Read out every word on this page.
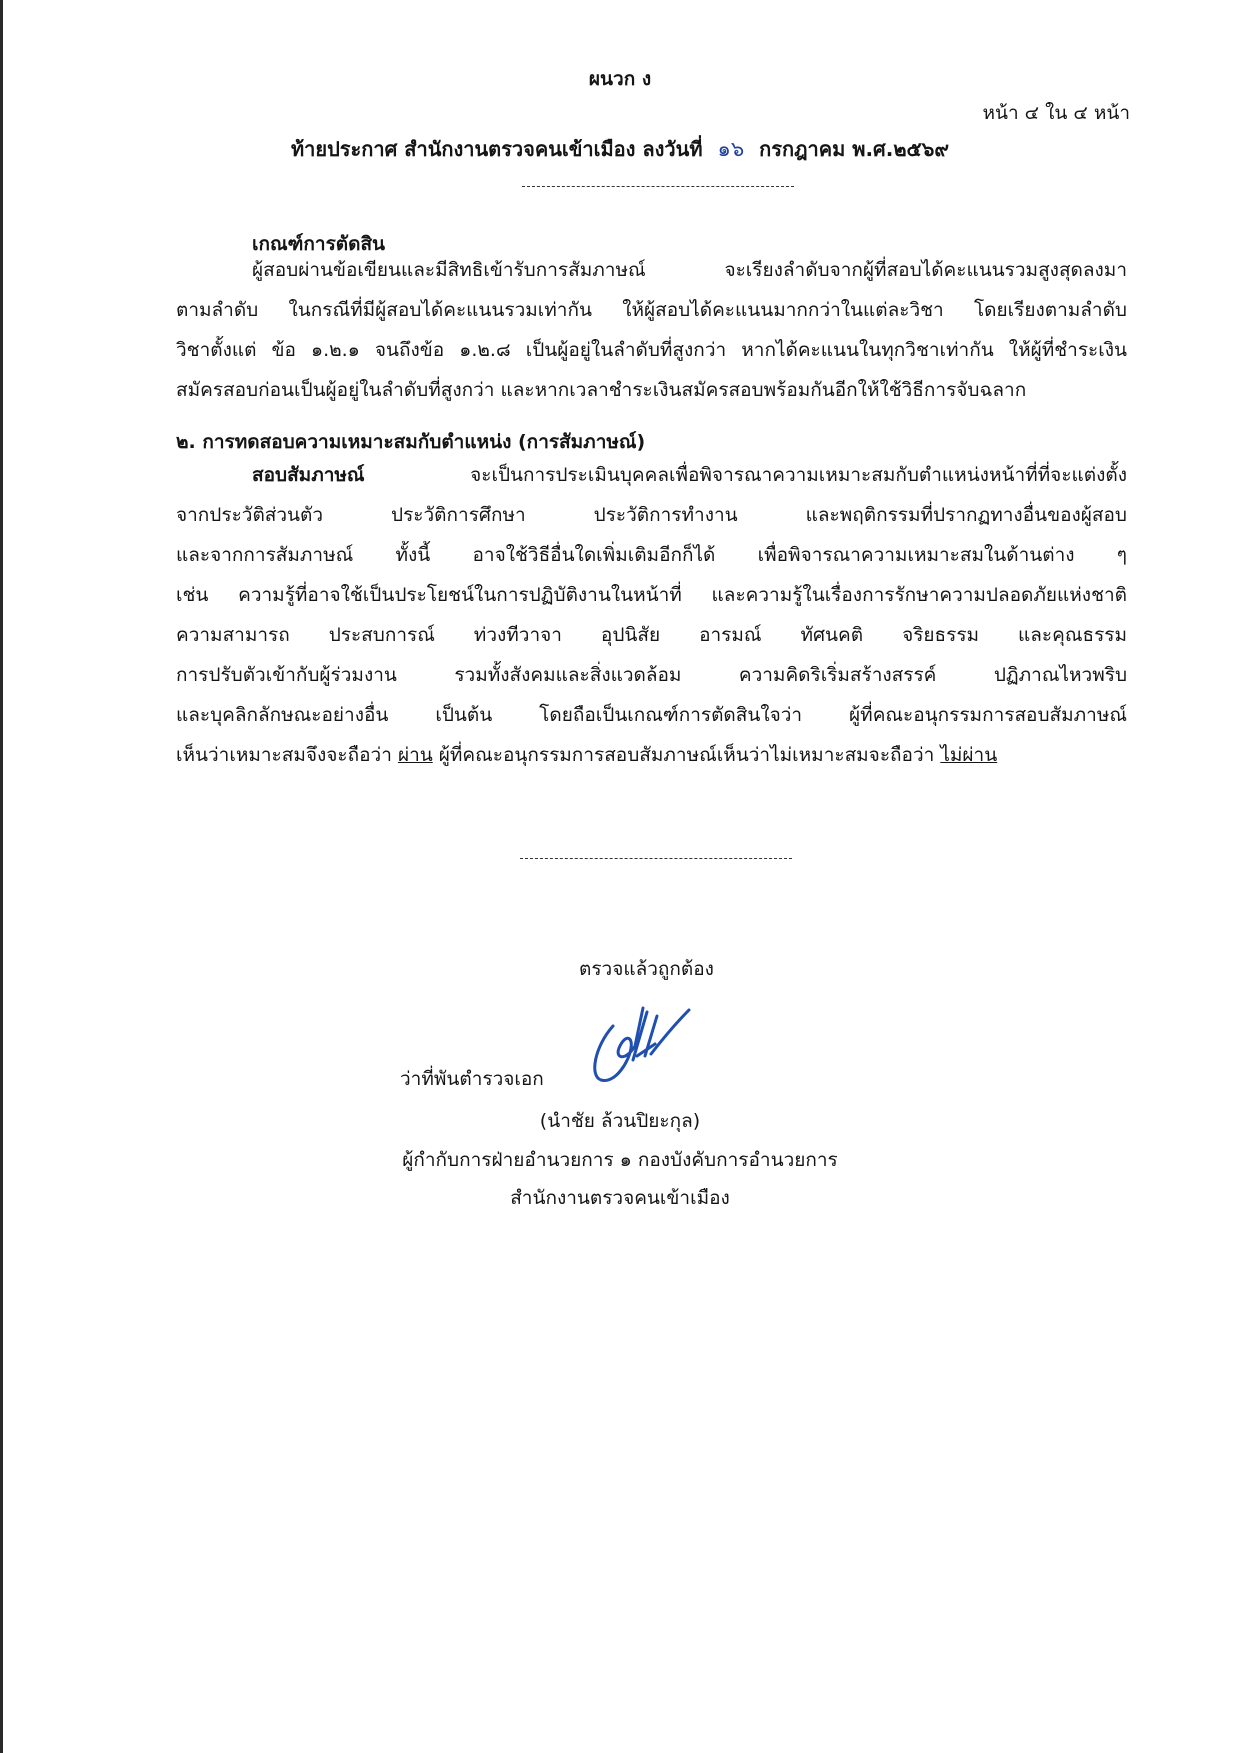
ผนวก ง
หน้า ๔ ใน ๔ หน้า
ท้ายประกาศ สำนักงานตรวจคนเข้าเมือง ลงวันที่ ๑๖ กรกฎาคม พ.ศ.๒๕๖๙
เกณฑ์การตัดสิน
ผู้สอบผ่านข้อเขียนและมีสิทธิเข้ารับการสัมภาษณ์ จะเรียงลำดับจากผู้ที่สอบได้คะแนนรวมสูงสุดลงมา
ตามลำดับ ในกรณีที่มีผู้สอบได้คะแนนรวมเท่ากัน ให้ผู้สอบได้คะแนนมากกว่าในแต่ละวิชา โดยเรียงตามลำดับ
วิชาตั้งแต่ ข้อ ๑.๒.๑ จนถึงข้อ ๑.๒.๘ เป็นผู้อยู่ในลำดับที่สูงกว่า หากได้คะแนนในทุกวิชาเท่ากัน ให้ผู้ที่ชำระเงิน
สมัครสอบก่อนเป็นผู้อยู่ในลำดับที่สูงกว่า และหากเวลาชำระเงินสมัครสอบพร้อมกันอีกให้ใช้วิธีการจับฉลาก
๒. การทดสอบความเหมาะสมกับตำแหน่ง (การสัมภาษณ์)
สอบสัมภาษณ์ จะเป็นการประเมินบุคคลเพื่อพิจารณาความเหมาะสมกับตำแหน่งหน้าที่ที่จะแต่งตั้ง
จากประวัติส่วนตัว ประวัติการศึกษา ประวัติการทำงาน และพฤติกรรมที่ปรากฏทางอื่นของผู้สอบ
และจากการสัมภาษณ์ ทั้งนี้ อาจใช้วิธีอื่นใดเพิ่มเติมอีกก็ได้ เพื่อพิจารณาความเหมาะสมในด้านต่าง ๆ
เช่น ความรู้ที่อาจใช้เป็นประโยชน์ในการปฏิบัติงานในหน้าที่ และความรู้ในเรื่องการรักษาความปลอดภัยแห่งชาติ
ความสามารถ ประสบการณ์ ท่วงทีวาจา อุปนิสัย อารมณ์ ทัศนคติ จริยธรรม และคุณธรรม
การปรับตัวเข้ากับผู้ร่วมงาน รวมทั้งสังคมและสิ่งแวดล้อม ความคิดริเริ่มสร้างสรรค์ ปฏิภาณไหวพริบ
และบุคลิกลักษณะอย่างอื่น เป็นต้น โดยถือเป็นเกณฑ์การตัดสินใจว่า ผู้ที่คณะอนุกรรมการสอบสัมภาษณ์
เห็นว่าเหมาะสมจึงจะถือว่า ผ่าน ผู้ที่คณะอนุกรรมการสอบสัมภาษณ์เห็นว่าไม่เหมาะสมจะถือว่า ไม่ผ่าน
ตรวจแล้วถูกต้อง
ว่าที่พันตำรวจเอก
(นำชัย ล้วนปิยะกุล)
ผู้กำกับการฝ่ายอำนวยการ ๑ กองบังคับการอำนวยการ
สำนักงานตรวจคนเข้าเมือง
